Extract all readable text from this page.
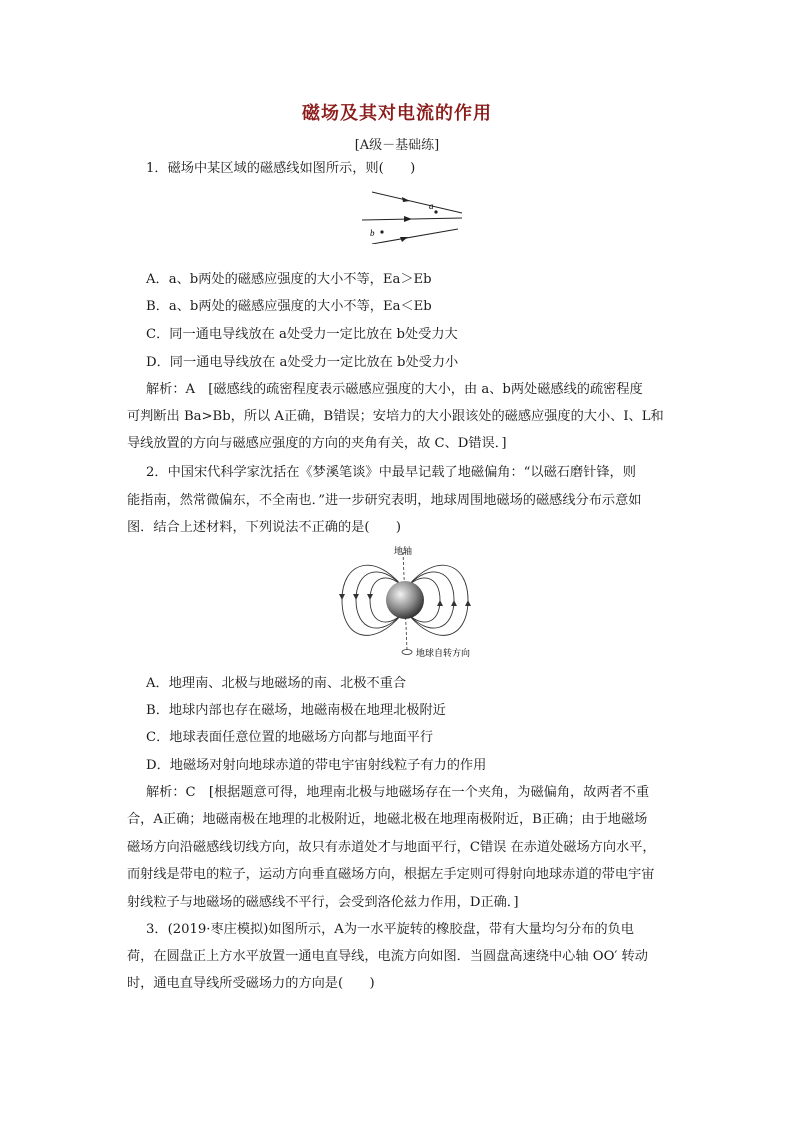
磁场及其对电流的作用
[A级－基础练]
1．磁场中某区域的磁感线如图所示，则(　　)
a
b
A．a、b两处的磁感应强度的大小不等，Ea＞Eb
B．a、b两处的磁感应强度的大小不等，Ea＜Eb
C．同一通电导线放在 a处受力一定比放在 b处受力大
D．同一通电导线放在 a处受力一定比放在 b处受力小
解析：A　[磁感线的疏密程度表示磁感应强度的大小，由 a、b两处磁感线的疏密程度
可判断出 Ba>Bb，所以 A正确，B错误；安培力的大小跟该处的磁感应强度的大小、I、L和
导线放置的方向与磁感应强度的方向的夹角有关，故 C、D错误．]
2．中国宋代科学家沈括在《梦溪笔谈》中最早记载了地磁偏角：“以磁石磨针锋，则
能指南，然常微偏东，不全南也．”进一步研究表明，地球周围地磁场的磁感线分布示意如
图．结合上述材料，下列说法不正确的是(　　)
地轴
地球自转方向
A．地理南、北极与地磁场的南、北极不重合
B．地球内部也存在磁场，地磁南极在地理北极附近
C．地球表面任意位置的地磁场方向都与地面平行
D．地磁场对射向地球赤道的带电宇宙射线粒子有力的作用
解析：C　[根据题意可得，地理南北极与地磁场存在一个夹角，为磁偏角，故两者不重
合，A正确；地磁南极在地理的北极附近，地磁北极在地理南极附近，B正确；由于地磁场
磁场方向沿磁感线切线方向，故只有赤道处才与地面平行，C错误 在赤道处磁场方向水平，
而射线是带电的粒子，运动方向垂直磁场方向，根据左手定则可得射向地球赤道的带电宇宙
射线粒子与地磁场的磁感线不平行，会受到洛伦兹力作用，D正确．]
3．(2019·枣庄模拟)如图所示，A为一水平旋转的橡胶盘，带有大量均匀分布的负电
荷，在圆盘正上方水平放置一通电直导线，电流方向如图．当圆盘高速绕中心轴 OO′ 转动
时，通电直导线所受磁场力的方向是(　　)
